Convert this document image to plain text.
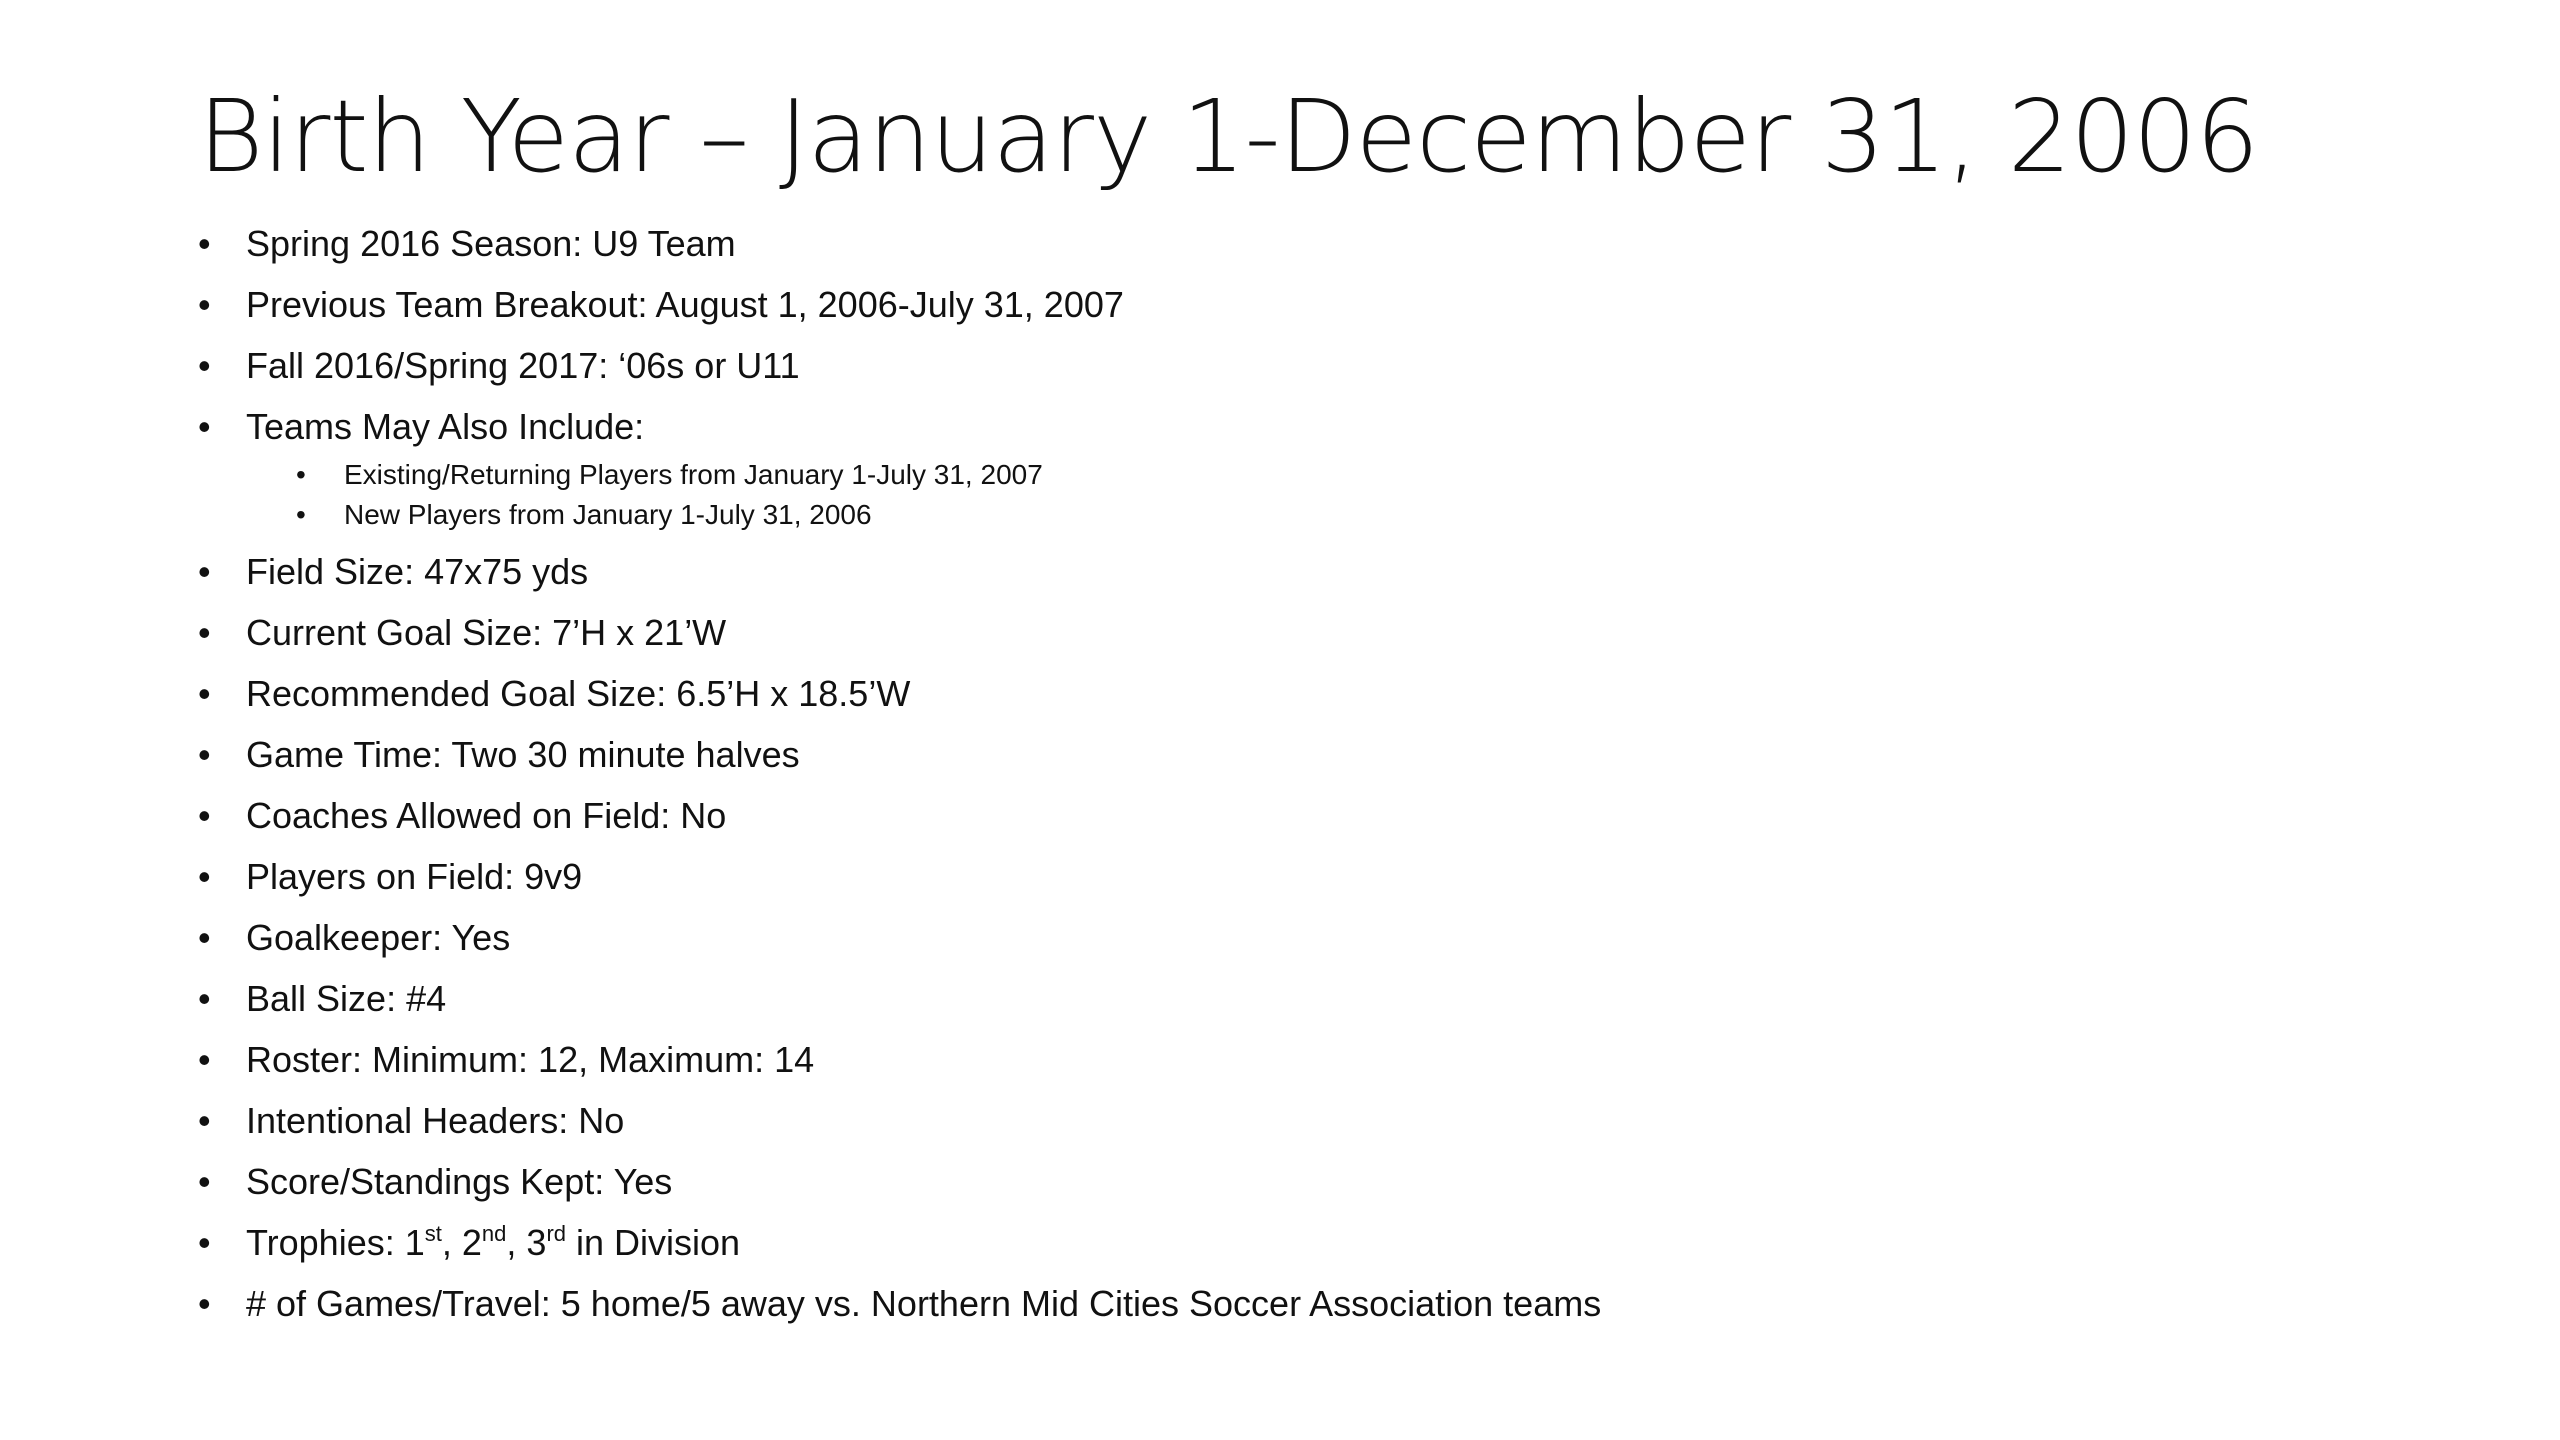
Birth Year – January 1-December 31, 2006
• Spring 2016 Season: U9 Team
• Previous Team Breakout: August 1, 2006-July 31, 2007
• Fall 2016/Spring 2017: ‘06s or U11
• Teams May Also Include:
• Existing/Returning Players from January 1-July 31, 2007
• New Players from January 1-July 31, 2006
• Field Size: 47x75 yds
• Current Goal Size: 7’H x 21’W
• Recommended Goal Size: 6.5’H x 18.5’W
• Game Time: Two 30 minute halves
• Coaches Allowed on Field: No
• Players on Field: 9v9
• Goalkeeper: Yes
• Ball Size: #4
• Roster: Minimum: 12, Maximum: 14
• Intentional Headers: No
• Score/Standings Kept: Yes
• Trophies: 1st, 2nd, 3rd in Division
• # of Games/Travel: 5 home/5 away vs. Northern Mid Cities Soccer Association teams
